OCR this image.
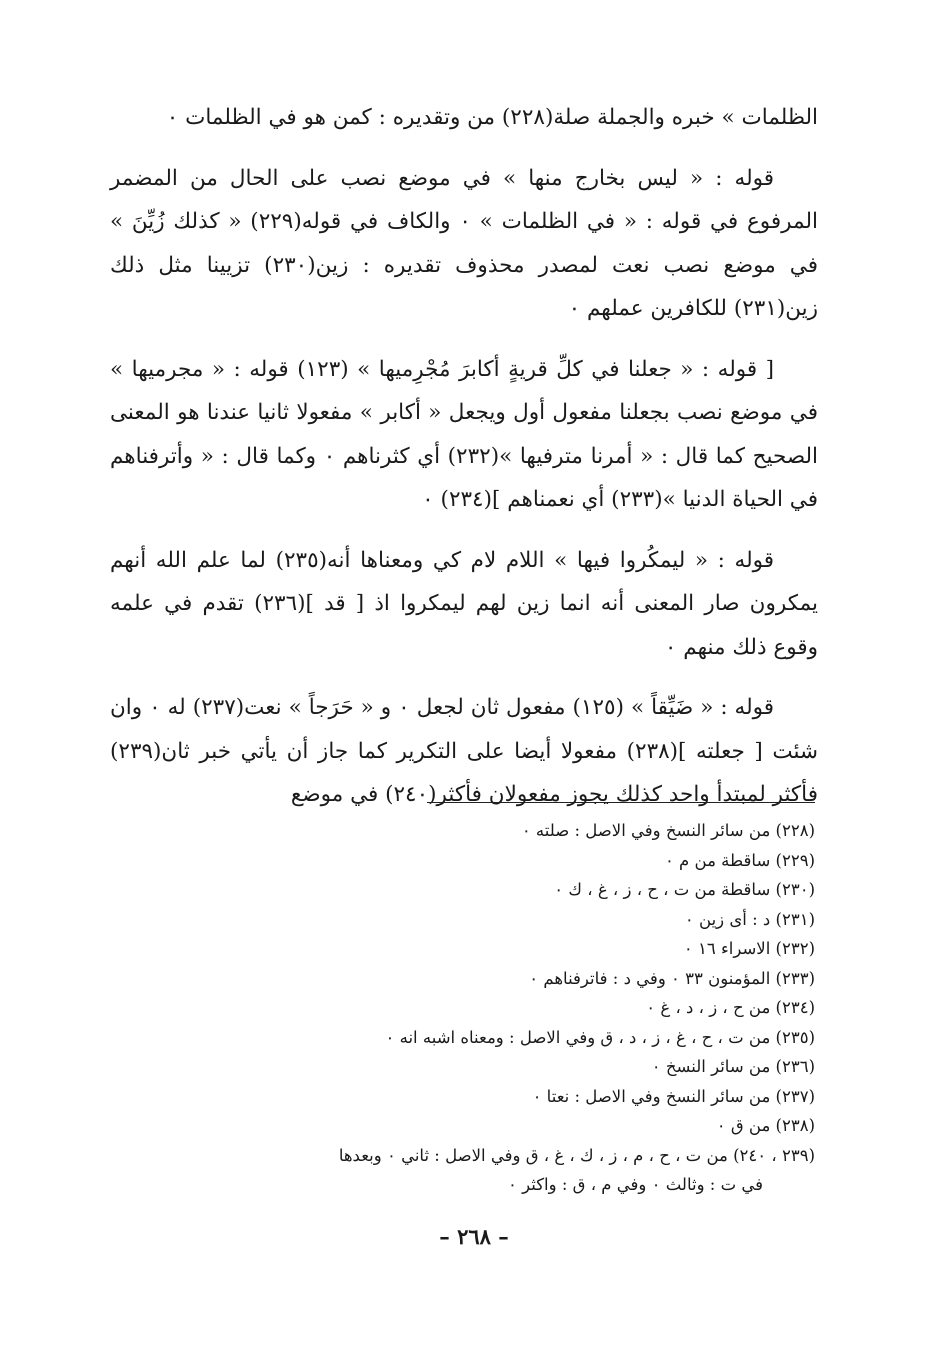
الظلمات » خبره والجملة صلة(٢٢٨) من وتقديره : كمن هو في الظلمات ٠

قوله : « ليس بخارج منها » في موضع نصب على الحال من المضمر المرفوع في قوله : « في الظلمات » ٠ والكاف في قوله(٢٢٩) « كذلك زُيِّنَ » في موضع نصب نعت لمصدر محذوف تقديره : زين(٢٣٠) تزيينا مثل ذلك زين(٢٣١) للكافرين عملهم ٠

[ قوله : « جعلنا في كلِّ قريةٍ أكابرَ مُجْرِميها » (١٢٣) قوله : « مجرميها » في موضع نصب بجعلنا مفعول أول ويجعل « أكابر » مفعولا ثانيا عندنا هو المعنى الصحيح كما قال : « أمرنا مترفيها »(٢٣٢) أي كثرناهم ٠ وكما قال : « وأترفناهم في الحياة الدنيا »(٢٣٣) أي نعمناهم ](٢٣٤) ٠

قوله : « ليمكُروا فيها » اللام لام كي ومعناها أنه(٢٣٥) لما علم الله أنهم يمكرون صار المعنى أنه انما زين لهم ليمكروا اذ [ قد ](٢٣٦) تقدم في علمه وقوع ذلك منهم ٠

قوله : « ضَيِّقاً » (١٢٥) مفعول ثان لجعل ٠ و « حَرَجاً » نعت(٢٣٧) له ٠ وان شئت [ جعلته ](٢٣٨) مفعولا أيضا على التكرير كما جاز أن يأتي خبر ثان(٢٣٩) فأكثر لمبتدأ واحد كذلك يجوز مفعولان فأكثر(٢٤٠) في موضع

(٢٢٨) من سائر النسخ وفي الاصل : صلته ٠
(٢٢٩) ساقطة من م ٠
(٢٣٠) ساقطة من ت ، ح ، ز ، غ ، ك ٠
(٢٣١) د : أى زين ٠
(٢٣٢) الاسراء ١٦ ٠
(٢٣٣) المؤمنون ٣٣ ٠ وفي د : فاترفناهم ٠
(٢٣٤) من ح ، ز ، د ، غ ٠
(٢٣٥) من ت ، ح ، غ ، ز ، د ، ق وفي الاصل : ومعناه اشبه انه ٠
(٢٣٦) من سائر النسخ ٠
(٢٣٧) من سائر النسخ وفي الاصل : نعتا ٠
(٢٣٨) من ق ٠
(٢٣٩ ، ٢٤٠) من ت ، ح ، م ، ز ، ك ، غ ، ق وفي الاصل : ثاني ٠ وبعدها
في ت : وثالث ٠ وفي م ، ق : واكثر ٠
– ٢٦٨ –
